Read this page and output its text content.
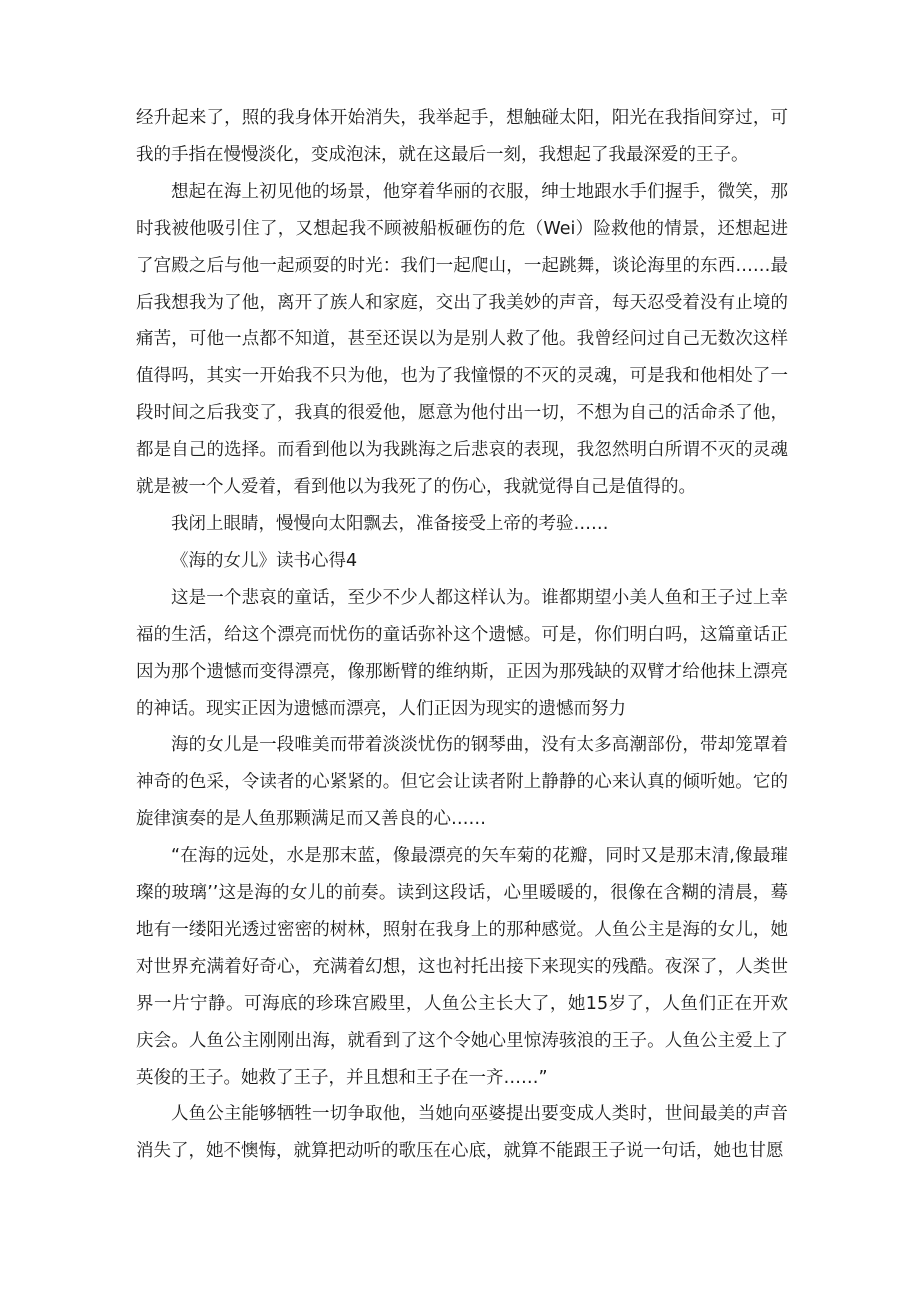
经升起来了，照的我身体开始消失，我举起手，想触碰太阳，阳光在我指间穿过，可我的手指在慢慢淡化，变成泡沫，就在这最后一刻，我想起了我最深爱的王子。

想起在海上初见他的场景，他穿着华丽的衣服，绅士地跟水手们握手，微笑，那时我被他吸引住了，又想起我不顾被船板砸伤的危（Wei）险救他的情景，还想起进了宫殿之后与他一起顽耍的时光：我们一起爬山，一起跳舞，谈论海里的东西……最后我想我为了他，离开了族人和家庭，交出了我美妙的声音，每天忍受着没有止境的痛苦，可他一点都不知道，甚至还误以为是别人救了他。我曾经问过自己无数次这样值得吗，其实一开始我不只为他，也为了我憧憬的不灭的灵魂，可是我和他相处了一段时间之后我变了，我真的很爱他，愿意为他付出一切，不想为自己的活命杀了他，都是自己的选择。而看到他以为我跳海之后悲哀的表现，我忽然明白所谓不灭的灵魂就是被一个人爱着，看到他以为我死了的伤心，我就觉得自己是值得的。

我闭上眼睛，慢慢向太阳飘去，准备接受上帝的考验……

《海的女儿》读书心得4

这是一个悲哀的童话，至少不少人都这样认为。谁都期望小美人鱼和王子过上幸福的生活，给这个漂亮而忧伤的童话弥补这个遗憾。可是，你们明白吗，这篇童话正因为那个遗憾而变得漂亮，像那断臂的维纳斯，正因为那残缺的双臂才给他抹上漂亮的神话。现实正因为遗憾而漂亮，人们正因为现实的遗憾而努力

海的女儿是一段唯美而带着淡淡忧伤的钢琴曲，没有太多高潮部份，带却笼罩着神奇的色采，令读者的心紧紧的。但它会让读者附上静静的心来认真的倾听她。它的旋律演奏的是人鱼那颗满足而又善良的心……

“在海的远处，水是那末蓝，像最漂亮的矢车菊的花瓣，同时又是那末清,像最璀璨的玻璃’’这是海的女儿的前奏。读到这段话，心里暖暖的，很像在含糊的清晨，蓦地有一缕阳光透过密密的树林，照射在我身上的那种感觉。人鱼公主是海的女儿，她对世界充满着好奇心，充满着幻想，这也衬托出接下来现实的残酷。夜深了，人类世界一片宁静。可海底的珍珠宫殿里，人鱼公主长大了，她15岁了，人鱼们正在开欢庆会。人鱼公主刚刚出海，就看到了这个令她心里惊涛骇浪的王子。人鱼公主爱上了英俊的王子。她救了王子，并且想和王子在一齐……”

人鱼公主能够牺牲一切争取他，当她向巫婆提出要变成人类时，世间最美的声音消失了，她不懊悔，就算把动听的歌压在心底，就算不能跟王子说一句话，她也甘愿
